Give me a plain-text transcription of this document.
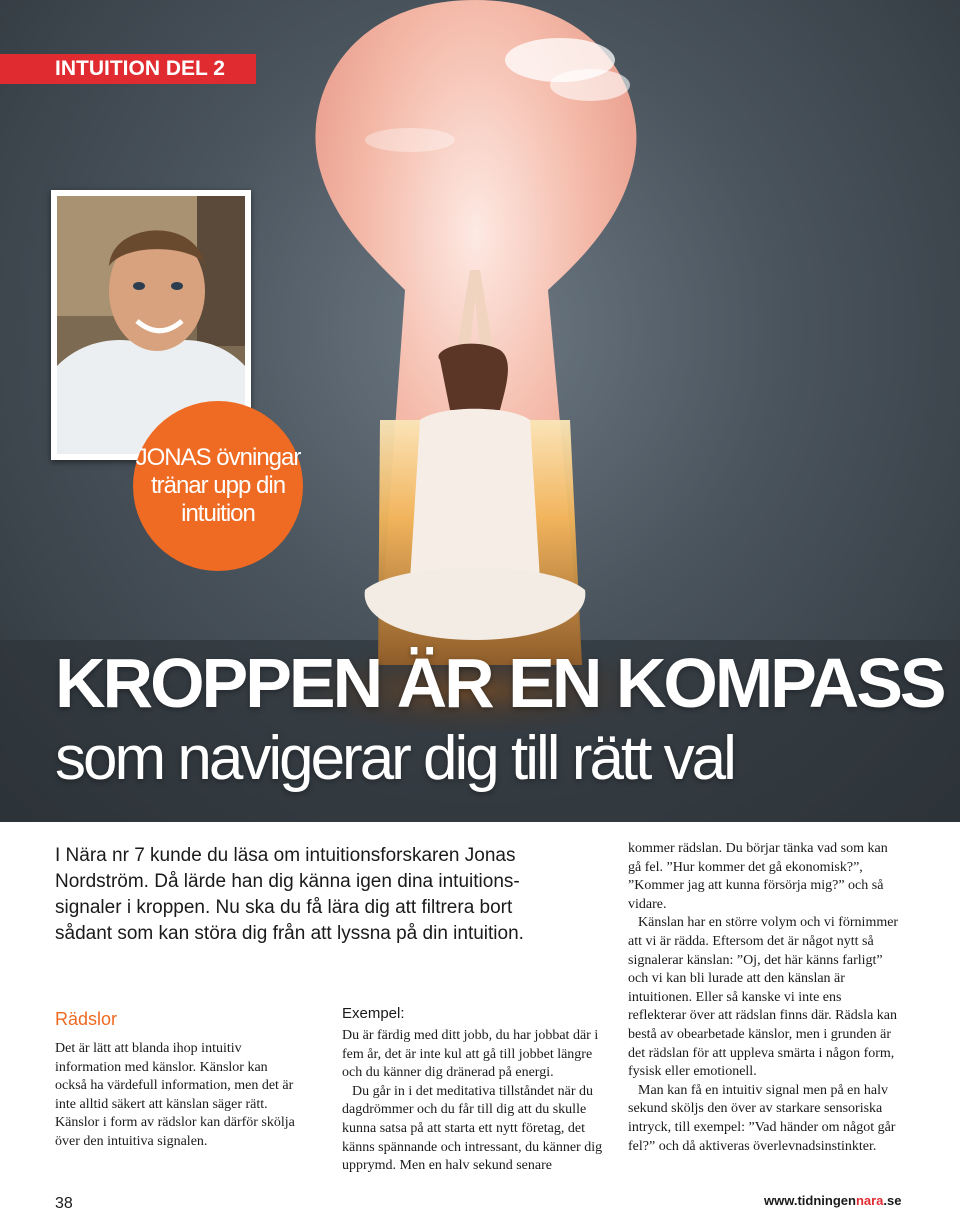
INTUITION DEL 2
JONAS övningar
tränar upp din
intuition
KROPPEN ÄR EN KOMPASS
som navigerar dig till rätt val
I Nära nr 7 kunde du läsa om intuitionsforskaren Jonas Nordström. Då lärde han dig känna igen dina intuitions-signaler i kroppen. Nu ska du få lära dig att filtrera bort sådant som kan störa dig från att lyssna på din intuition.
Rädslor

Det är lätt att blanda ihop intuitiv information med känslor. Känslor kan också ha värdefull information, men det är inte alltid säkert att känslan säger rätt. Känslor i form av rädslor kan därför skölja över den intuitiva signalen.

Exempel:

Du är färdig med ditt jobb, du har jobbat där i fem år, det är inte kul att gå till jobbet längre och du känner dig dränerad på energi.

Du går in i det meditativa tillståndet när du dagdrömmer och du får till dig att du skulle kunna satsa på att starta ett nytt företag, det känns spännande och intressant, du känner dig upprymd. Men en halv sekund senare

kommer rädslan. Du börjar tänka vad som kan gå fel. ”Hur kommer det gå ekonomisk?”, ”Kommer jag att kunna försörja mig?” och så vidare.

Känslan har en större volym och vi förnimmer att vi är rädda. Eftersom det är något nytt så signalerar känslan: ”Oj, det här känns farligt” och vi kan bli lurade att den känslan är intuitionen. Eller så kanske vi inte ens reflekterar över att rädslan finns där. Rädsla kan bestå av obearbetade känslor, men i grunden är det rädslan för att uppleva smärta i någon form, fysisk eller emotionell.

Man kan få en intuitiv signal men på en halv sekund sköljs den över av starkare sensoriska intryck, till exempel: ”Vad händer om något går fel?” och då aktiveras överlevnadsinstinkter.

38	www.tidningennara.se
